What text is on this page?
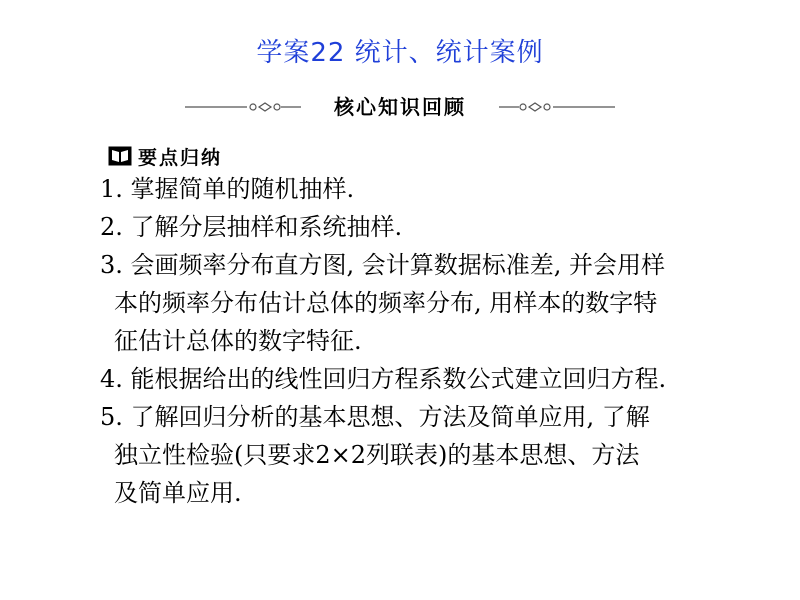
学案22 统计、统计案例
核心知识回顾
要点归纳
1. 掌握简单的随机抽样.
2. 了解分层抽样和系统抽样.
3. 会画频率分布直方图, 会计算数据标准差, 并会用样
本的频率分布估计总体的频率分布, 用样本的数字特
征估计总体的数字特征.
4. 能根据给出的线性回归方程系数公式建立回归方程.
5. 了解回归分析的基本思想、方法及简单应用, 了解
独立性检验(只要求2×2列联表)的基本思想、方法
及简单应用.
